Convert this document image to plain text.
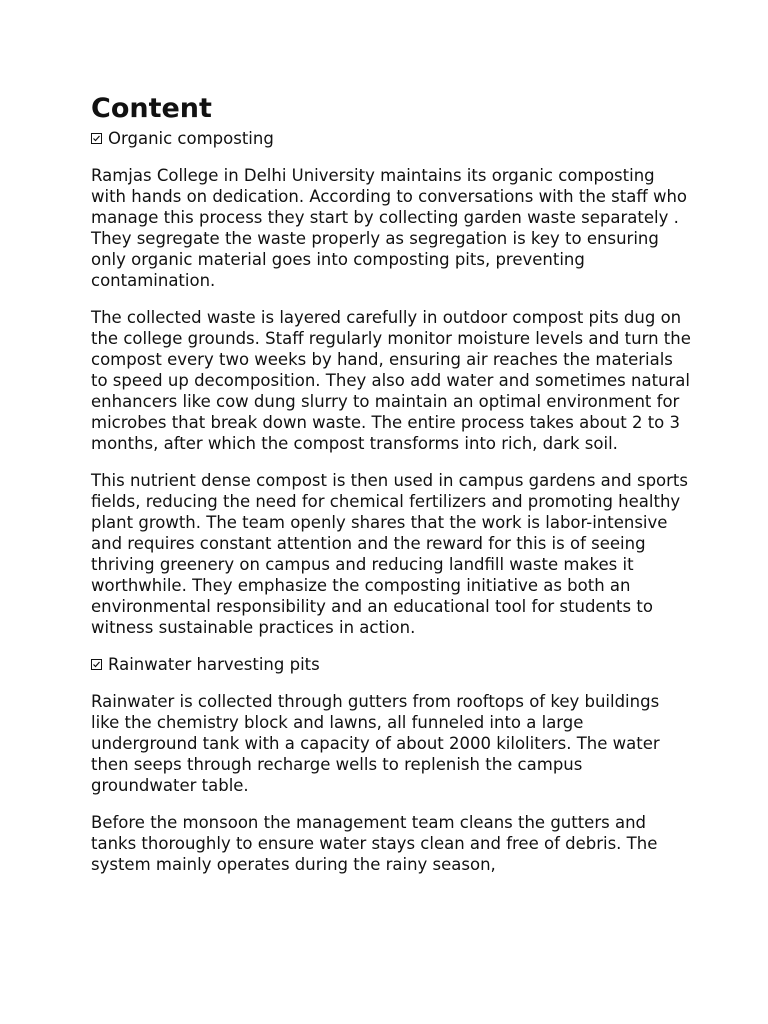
Content
Organic composting

Ramjas College in Delhi University maintains its organic composting with hands on dedication. According to conversations with the staff who manage this process they start by collecting garden waste separately . They segregate the waste properly as segregation is key to ensuring only organic material goes into composting pits, preventing contamination.

The collected waste is layered carefully in outdoor compost pits dug on the college grounds. Staff regularly monitor moisture levels and turn the compost every two weeks by hand, ensuring air reaches the materials to speed up decomposition. They also add water and sometimes natural enhancers like cow dung slurry to maintain an optimal environment for microbes that break down waste. The entire process takes about 2 to 3 months, after which the compost transforms into rich, dark soil.

This nutrient dense compost is then used in campus gardens and sports fields, reducing the need for chemical fertilizers and promoting healthy plant growth. The team openly shares that the work is labor-intensive and requires constant attention and the reward for this is of seeing thriving greenery on campus and reducing landfill waste makes it worthwhile. They emphasize the composting initiative as both an environmental responsibility and an educational tool for students to witness sustainable practices in action.

Rainwater harvesting pits

Rainwater is collected through gutters from rooftops of key buildings like the chemistry block and lawns, all funneled into a large underground tank with a capacity of about 2000 kiloliters. The water then seeps through recharge wells to replenish the campus groundwater table.

Before the monsoon the management team cleans the gutters and tanks thoroughly to ensure water stays clean and free of debris. The system mainly operates during the rainy season,
